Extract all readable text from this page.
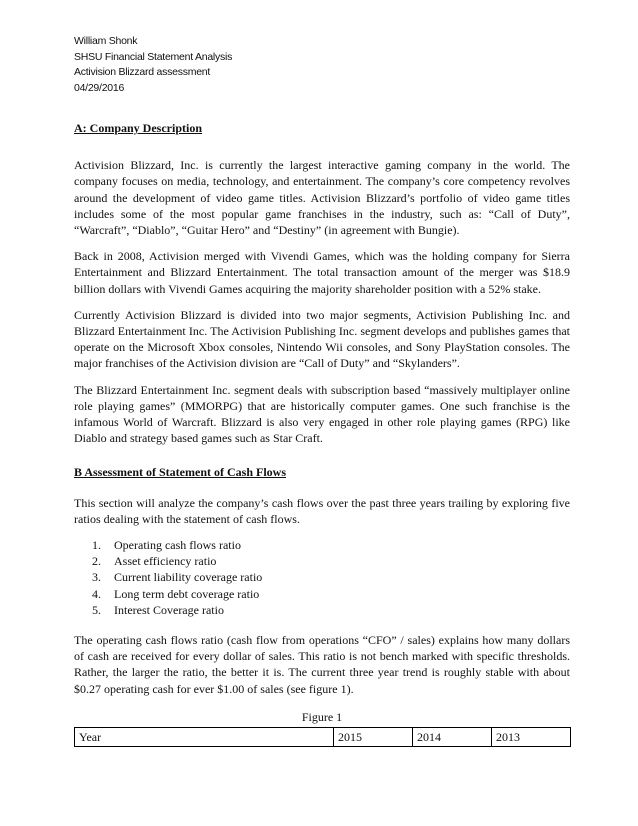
William Shonk
SHSU Financial Statement Analysis
Activision Blizzard assessment
04/29/2016
A: Company Description

Activision Blizzard, Inc. is currently the largest interactive gaming company in the world. The company focuses on media, technology, and entertainment. The company’s core competency revolves around the development of video game titles. Activision Blizzard’s portfolio of video game titles includes some of the most popular game franchises in the industry, such as: “Call of Duty”, “Warcraft”, “Diablo”, “Guitar Hero” and “Destiny” (in agreement with Bungie).

Back in 2008, Activision merged with Vivendi Games, which was the holding company for Sierra Entertainment and Blizzard Entertainment. The total transaction amount of the merger was $18.9 billion dollars with Vivendi Games acquiring the majority shareholder position with a 52% stake.

Currently Activision Blizzard is divided into two major segments, Activision Publishing Inc. and Blizzard Entertainment Inc. The Activision Publishing Inc. segment develops and publishes games that operate on the Microsoft Xbox consoles, Nintendo Wii consoles, and Sony PlayStation consoles. The major franchises of the Activision division are “Call of Duty” and “Skylanders”.

The Blizzard Entertainment Inc. segment deals with subscription based “massively multiplayer online role playing games” (MMORPG) that are historically computer games. One such franchise is the infamous World of Warcraft. Blizzard is also very engaged in other role playing games (RPG) like Diablo and strategy based games such as Star Craft.

B Assessment of Statement of Cash Flows

This section will analyze the company’s cash flows over the past three years trailing by exploring five ratios dealing with the statement of cash flows.

1. Operating cash flows ratio
2. Asset efficiency ratio
3. Current liability coverage ratio
4. Long term debt coverage ratio
5. Interest Coverage ratio

The operating cash flows ratio (cash flow from operations “CFO” / sales) explains how many dollars of cash are received for every dollar of sales. This ratio is not bench marked with specific thresholds. Rather, the larger the ratio, the better it is. The current three year trend is roughly stable with about $0.27 operating cash for ever $1.00 of sales (see figure 1).

Figure 1
Year	2015	2014	2013
